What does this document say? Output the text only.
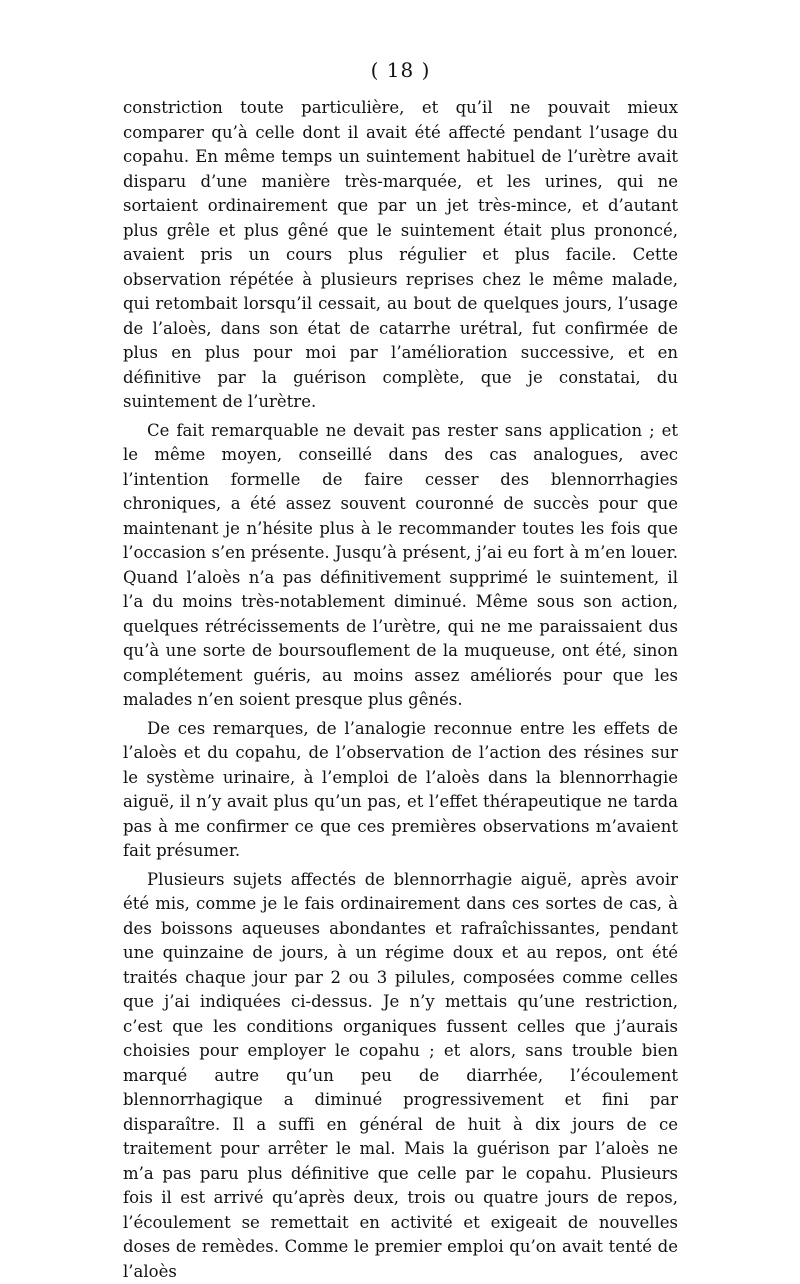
( 18 )

constriction toute particulière, et qu’il ne pouvait mieux comparer qu’à celle dont il avait été affecté pendant l’usage du copahu. En même temps un suintement habituel de l’urètre avait disparu d’une manière très-marquée, et les urines, qui ne sortaient ordinairement que par un jet très-mince, et d’autant plus grêle et plus gêné que le suintement était plus prononcé, avaient pris un cours plus régulier et plus facile. Cette observation répétée à plusieurs reprises chez le même malade, qui retombait lorsqu’il cessait, au bout de quelques jours, l’usage de l’aloès, dans son état de catarrhe urétral, fut confirmée de plus en plus pour moi par l’amélioration successive, et en définitive par la guérison complète, que je constatai, du suintement de l’urètre.

Ce fait remarquable ne devait pas rester sans application ; et le même moyen, conseillé dans des cas analogues, avec l’intention formelle de faire cesser des blennorrhagies chroniques, a été assez souvent couronné de succès pour que maintenant je n’hésite plus à le recommander toutes les fois que l’occasion s’en présente. Jusqu’à présent, j’ai eu fort à m’en louer. Quand l’aloès n’a pas définitivement supprimé le suintement, il l’a du moins très-notablement diminué. Même sous son action, quelques rétrécissements de l’urètre, qui ne me paraissaient dus qu’à une sorte de boursouflement de la muqueuse, ont été, sinon complétement guéris, au moins assez améliorés pour que les malades n’en soient presque plus gênés.

De ces remarques, de l’analogie reconnue entre les effets de l’aloès et du copahu, de l’observation de l’action des résines sur le système urinaire, à l’emploi de l’aloès dans la blennorrhagie aiguë, il n’y avait plus qu’un pas, et l’effet thérapeutique ne tarda pas à me confirmer ce que ces premières observations m’avaient fait présumer.

Plusieurs sujets affectés de blennorrhagie aiguë, après avoir été mis, comme je le fais ordinairement dans ces sortes de cas, à des boissons aqueuses abondantes et rafraîchissantes, pendant une quinzaine de jours, à un régime doux et au repos, ont été traités chaque jour par 2 ou 3 pilules, composées comme celles que j’ai indiquées ci-dessus. Je n’y mettais qu’une restriction, c’est que les conditions organiques fussent celles que j’aurais choisies pour employer le copahu ; et alors, sans trouble bien marqué autre qu’un peu de diarrhée, l’écoulement blennorrhagique a diminué progressivement et fini par disparaître. Il a suffi en général de huit à dix jours de ce traitement pour arrêter le mal. Mais la guérison par l’aloès ne m’a pas paru plus définitive que celle par le copahu. Plusieurs fois il est arrivé qu’après deux, trois ou quatre jours de repos, l’écoulement se remettait en activité et exigeait de nouvelles doses de remèdes. Comme le premier emploi qu’on avait tenté de l’aloès
